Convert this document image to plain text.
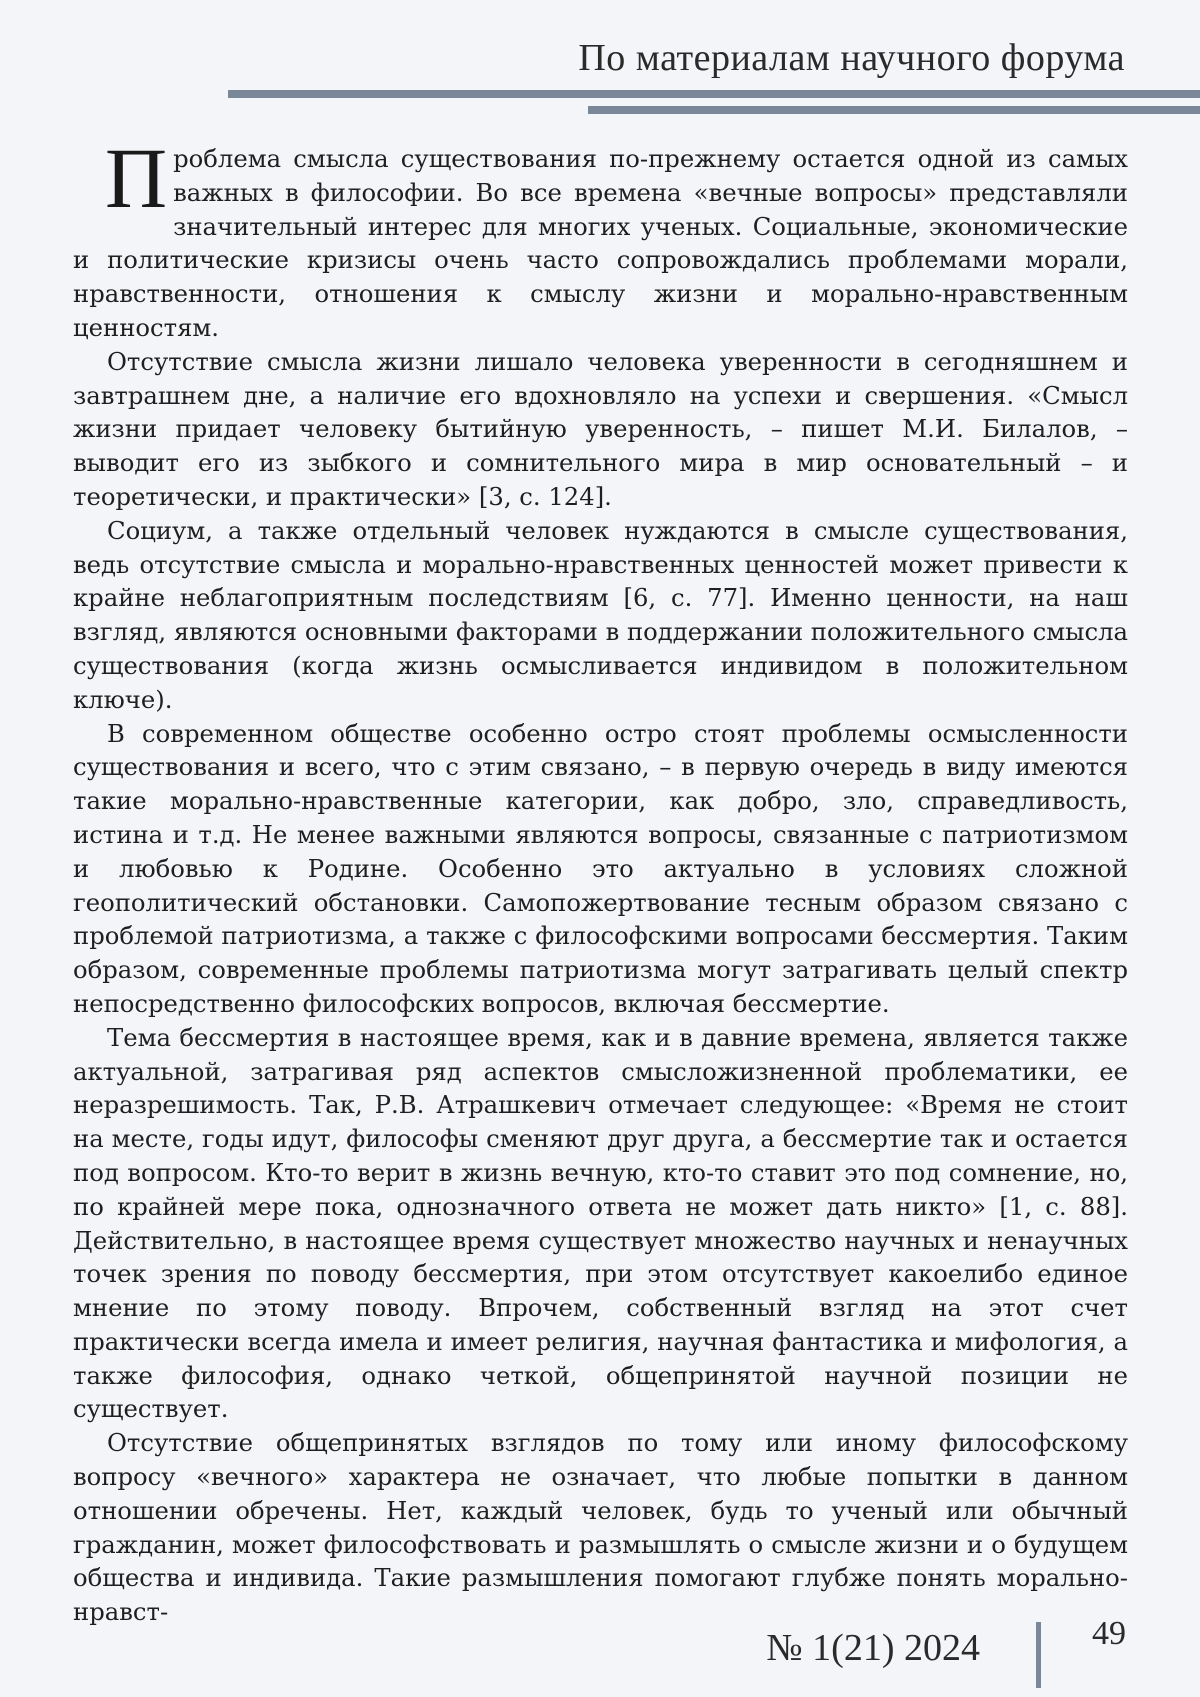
По материалам научного форума

Проблема смысла существования по-прежнему остается одной из самых важных в философии. Во все времена «вечные вопросы» представляли значительный интерес для многих ученых. Социальные, экономические и политические кризисы очень часто сопровождались проблемами морали, нравственности, отношения к смыслу жизни и морально-нравственным ценностям.

Отсутствие смысла жизни лишало человека уверенности в сегодняшнем и завтрашнем дне, а наличие его вдохновляло на успехи и свершения. «Смысл жизни придает человеку бытийную уверенность, – пишет М.И. Билалов, – выводит его из зыбкого и сомнительного мира в мир основательный – и теоретически, и практически» [3, с. 124].

Социум, а также отдельный человек нуждаются в смысле существования, ведь отсутствие смысла и морально-нравственных ценностей может привести к крайне неблагоприятным последствиям [6, с. 77]. Именно ценности, на наш взгляд, являются основными факторами в поддержании положительного смысла существования (когда жизнь осмысливается индивидом в положительном ключе).

В современном обществе особенно остро стоят проблемы осмысленности существования и всего, что с этим связано, – в первую очередь в виду имеются такие морально-нравственные категории, как добро, зло, справедливость, истина и т.д. Не менее важными являются вопросы, связанные с патриотизмом и любовью к Родине. Особенно это актуально в условиях сложной геополитический обстановки. Самопожертвование тесным образом связано с проблемой патриотизма, а также с философскими вопросами бессмертия. Таким образом, современные проблемы патриотизма могут затрагивать целый спектр непосредственно философских вопросов, включая бессмертие.

Тема бессмертия в настоящее время, как и в давние времена, является также актуальной, затрагивая ряд аспектов смысложизненной проблематики, ее неразрешимость. Так, Р.В. Атрашкевич отмечает следующее: «Время не стоит на месте, годы идут, философы сменяют друг друга, а бессмертие так и остается под вопросом. Кто-то верит в жизнь вечную, кто-то ставит это под сомнение, но, по крайней мере пока, однозначного ответа не может дать никто» [1, с. 88]. Действительно, в настоящее время существует множество научных и ненаучных точек зрения по поводу бессмертия, при этом отсутствует какоелибо единое мнение по этому поводу. Впрочем, собственный взгляд на этот счет практически всегда имела и имеет религия, научная фантастика и мифология, а также философия, однако четкой, общепринятой научной позиции не существует.

Отсутствие общепринятых взглядов по тому или иному философскому вопросу «вечного» характера не означает, что любые попытки в данном отношении обречены. Нет, каждый человек, будь то ученый или обычный гражданин, может философствовать и размышлять о смысле жизни и о будущем общества и индивида. Такие размышления помогают глубже понять морально-нравст-

№ 1(21) 2024	49
